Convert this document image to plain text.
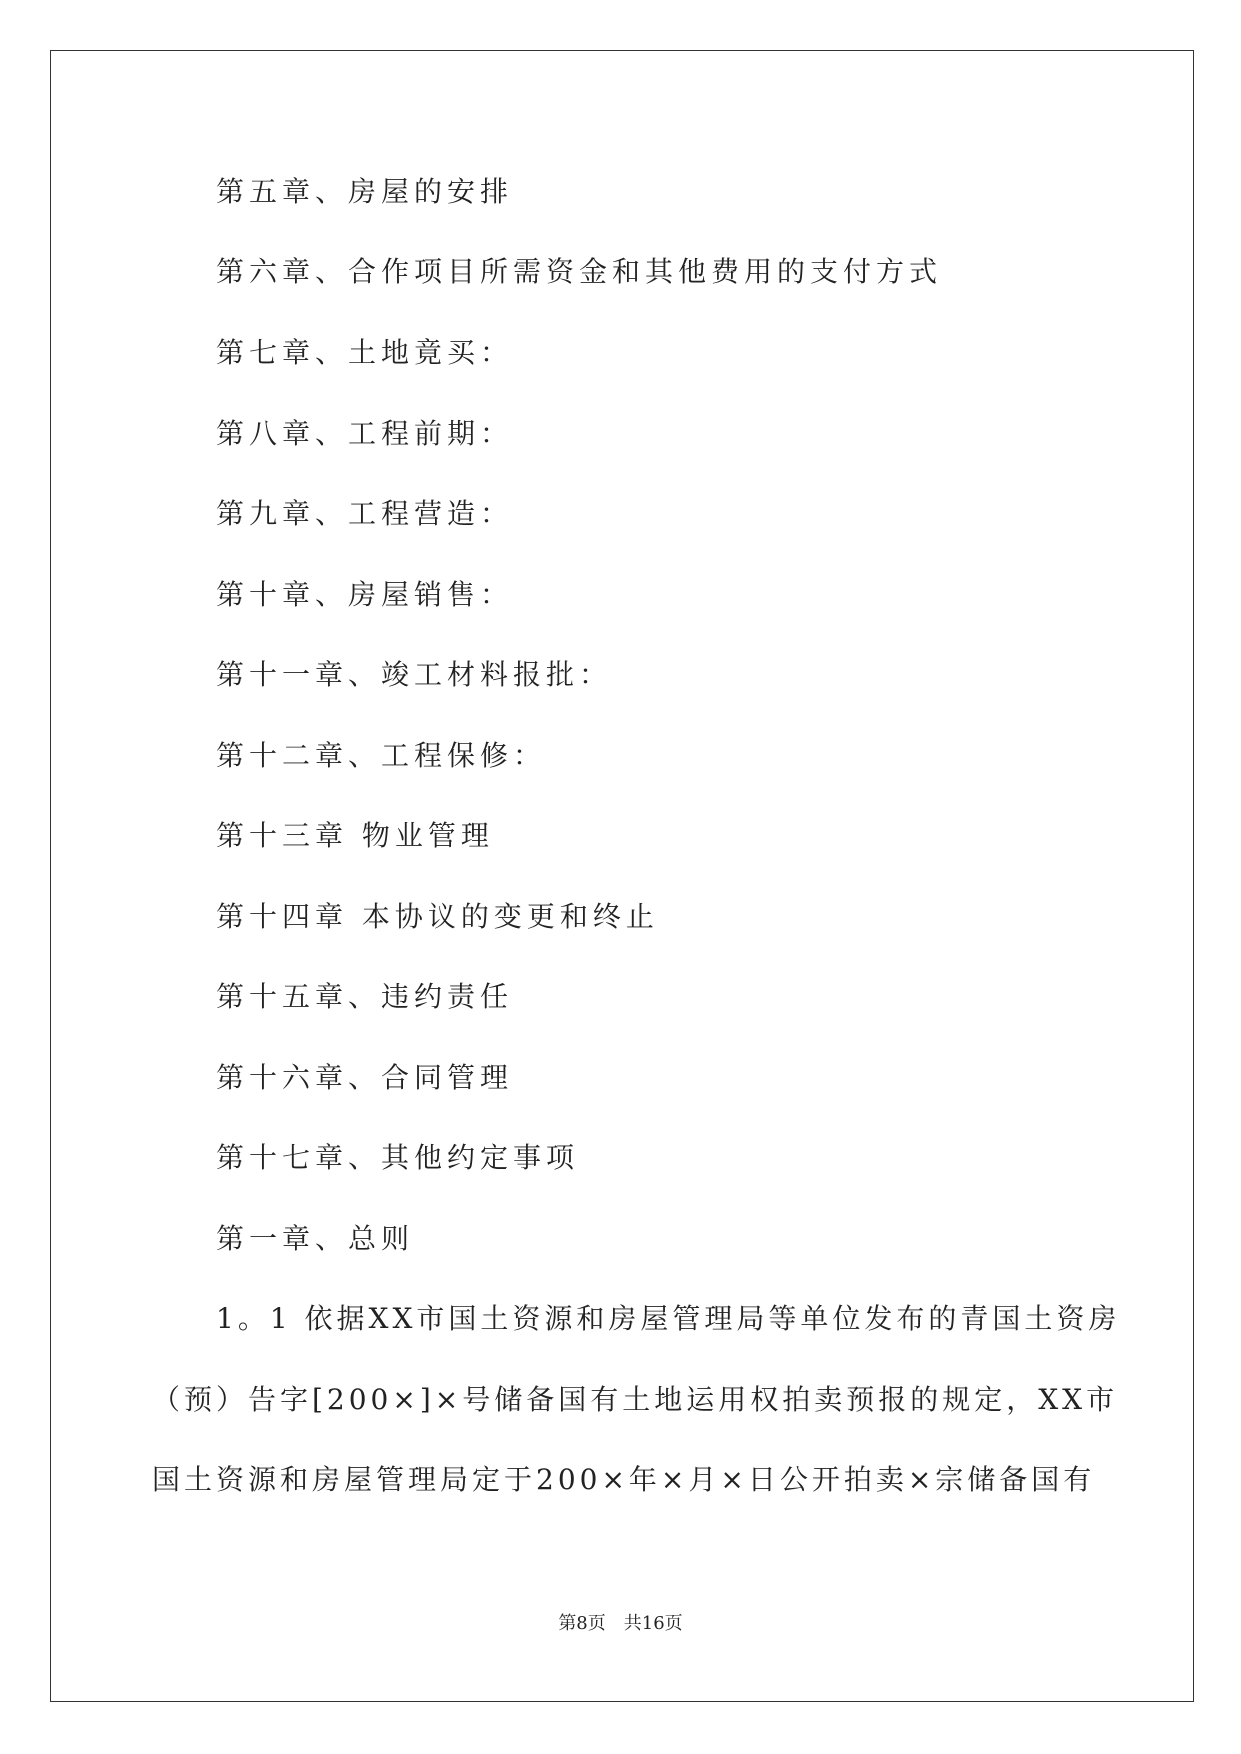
第五章、房屋的安排
第六章、合作项目所需资金和其他费用的支付方式
第七章、土地竟买：
第八章、工程前期：
第九章、工程营造：
第十章、房屋销售：
第十一章、竣工材料报批：
第十二章、工程保修：
第十三章 物业管理
第十四章 本协议的变更和终止
第十五章、违约责任
第十六章、合同管理
第十七章、其他约定事项
第一章、总则
1。1 依据XX市国土资源和房屋管理局等单位发布的青国土资房
（预）告字[200×]×号储备国有土地运用权拍卖预报的规定，XX市
国土资源和房屋管理局定于200×年×月×日公开拍卖×宗储备国有
第8页 共16页
